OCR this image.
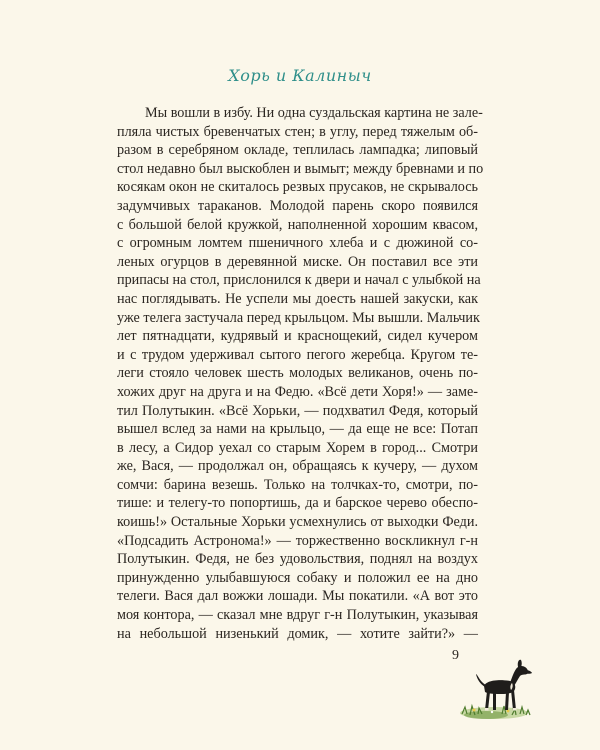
Хорь и Калиныч
Мы вошли в избу. Ни одна суздальская картина не зале-
пляла чистых бревенчатых стен; в углу, перед тяжелым об-
разом в серебряном окладе, теплилась лампадка; липовый
стол недавно был выскоблен и вымыт; между бревнами и по
косякам окон не скиталось резвых прусаков, не скрывалось
задумчивых тараканов. Молодой парень скоро появился
с большой белой кружкой, наполненной хорошим квасом,
с огромным ломтем пшеничного хлеба и с дюжиной со-
леных огурцов в деревянной миске. Он поставил все эти
припасы на стол, прислонился к двери и начал с улыбкой на
нас поглядывать. Не успели мы доесть нашей закуски, как
уже телега застучала перед крыльцом. Мы вышли. Мальчик
лет пятнадцати, кудрявый и краснощекий, сидел кучером
и с трудом удерживал сытого пегого жеребца. Кругом те-
леги стояло человек шесть молодых великанов, очень по-
хожих друг на друга и на Федю. «Всё дети Хоря!» — заме-
тил Полутыкин. «Всё Хорьки, — подхватил Федя, который
вышел вслед за нами на крыльцо, — да еще не все: Потап
в лесу, а Сидор уехал со старым Хорем в город... Смотри
же, Вася, — продолжал он, обращаясь к кучеру, — духом
сомчи: барина везешь. Только на толчках-то, смотри, по-
тише: и телегу-то попортишь, да и барское черево обеспо-
коишь!» Остальные Хорьки усмехнулись от выходки Феди.
«Подсадить Астронома!» — торжественно воскликнул г-н
Полутыкин. Федя, не без удовольствия, поднял на воздух
принужденно улыбавшуюся собаку и положил ее на дно
телеги. Вася дал вожжи лошади. Мы покатили. «А вот это
моя контора, — сказал мне вдруг г-н Полутыкин, указывая
на небольшой низенький домик, — хотите зайти?» —
9
